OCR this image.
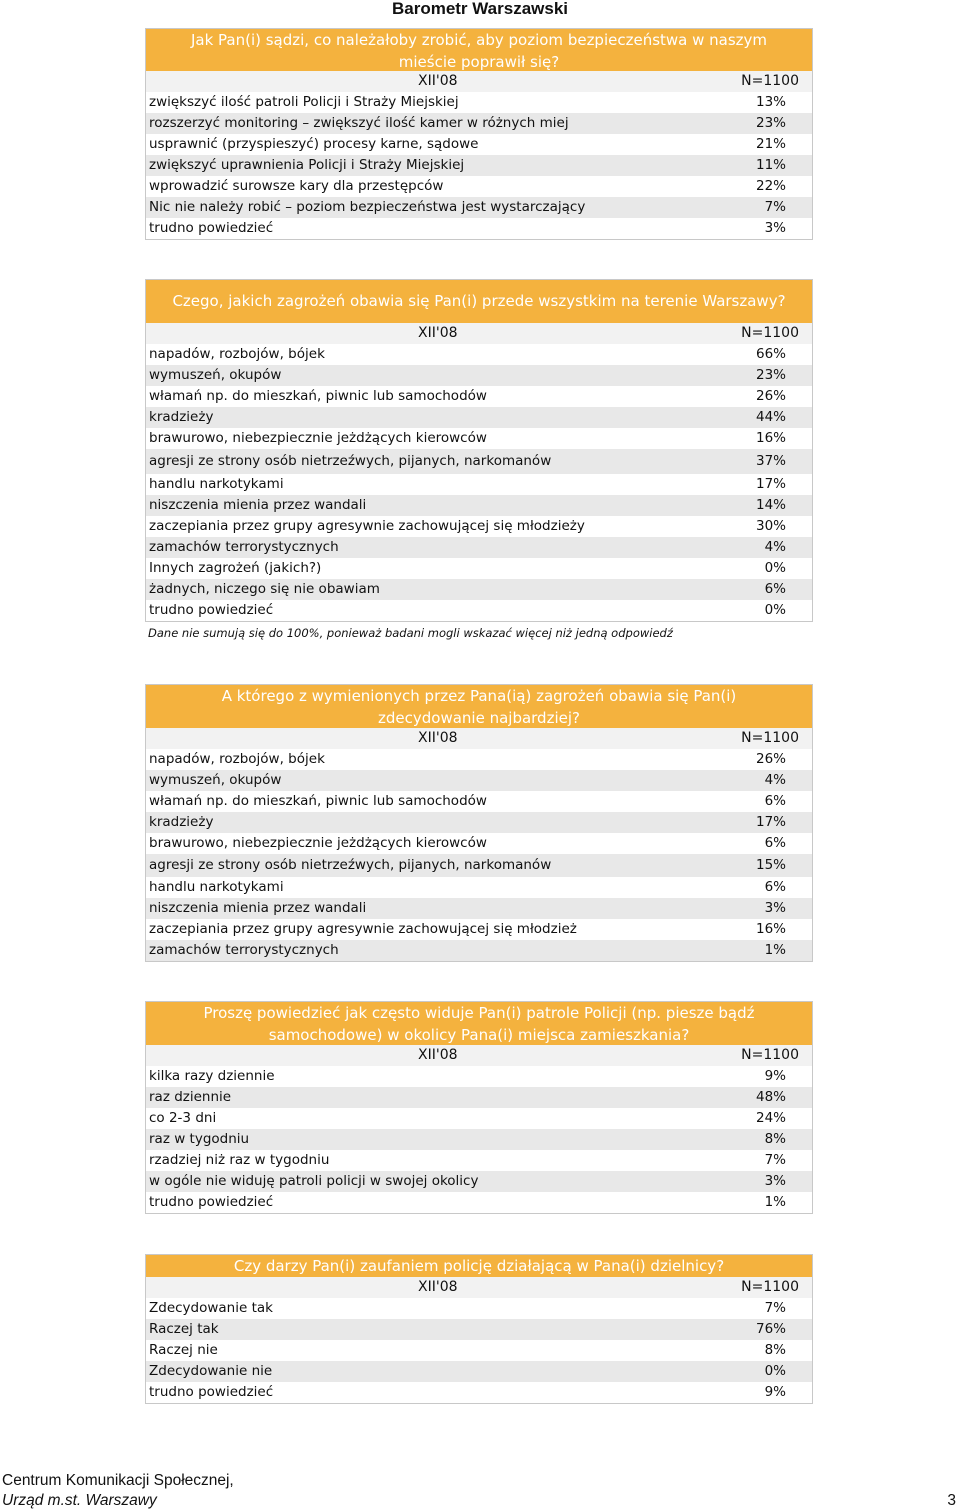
Barometr Warszawski
Jak Pan(i) sądzi, co należałoby zrobić, aby poziom bezpieczeństwa w naszym mieście poprawił się?
XII'08	N=1100
zwiększyć ilość patroli Policji i Straży Miejskiej	13%
rozszerzyć monitoring – zwiększyć ilość kamer w różnych miej	23%
usprawnić (przyspieszyć) procesy karne, sądowe	21%
zwiększyć uprawnienia Policji i Straży Miejskiej	11%
wprowadzić surowsze kary dla przestępców	22%
Nic nie należy robić – poziom bezpieczeństwa jest wystarczający	7%
trudno powiedzieć	3%
Czego, jakich zagrożeń obawia się Pan(i) przede wszystkim na terenie Warszawy?
XII'08	N=1100
napadów, rozbojów, bójek	66%
wymuszeń, okupów	23%
włamań np. do mieszkań, piwnic lub samochodów	26%
kradzieży	44%
brawurowo, niebezpiecznie jeżdżących kierowców	16%
agresji ze strony osób nietrzeźwych, pijanych, narkomanów	37%
handlu narkotykami	17%
niszczenia mienia przez wandali	14%
zaczepiania przez grupy agresywnie zachowującej się młodzieży	30%
zamachów terrorystycznych	4%
Innych zagrożeń (jakich?)	0%
żadnych, niczego się nie obawiam	6%
trudno powiedzieć	0%
Dane nie sumują się do 100%, ponieważ badani mogli wskazać więcej niż jedną odpowiedź
A którego z wymienionych przez Pana(ią) zagrożeń obawia się Pan(i) zdecydowanie najbardziej?
XII'08	N=1100
napadów, rozbojów, bójek	26%
wymuszeń, okupów	4%
włamań np. do mieszkań, piwnic lub samochodów	6%
kradzieży	17%
brawurowo, niebezpiecznie jeżdżących kierowców	6%
agresji ze strony osób nietrzeźwych, pijanych, narkomanów	15%
handlu narkotykami	6%
niszczenia mienia przez wandali	3%
zaczepiania przez grupy agresywnie zachowującej się młodzież	16%
zamachów terrorystycznych	1%
Proszę powiedzieć jak często widuje Pan(i) patrole Policji (np. piesze bądź samochodowe) w okolicy Pana(i) miejsca zamieszkania?
XII'08	N=1100
kilka razy dziennie	9%
raz dziennie	48%
co 2-3 dni	24%
raz w tygodniu	8%
rzadziej niż raz w tygodniu	7%
w ogóle nie widuję patroli policji w swojej okolicy	3%
trudno powiedzieć	1%
Czy darzy Pan(i) zaufaniem policję działającą w Pana(i) dzielnicy?
XII'08	N=1100
Zdecydowanie tak	7%
Raczej tak	76%
Raczej nie	8%
Zdecydowanie nie	0%
trudno powiedzieć	9%
Centrum Komunikacji Społecznej,
Urząd m.st. Warszawy	3
